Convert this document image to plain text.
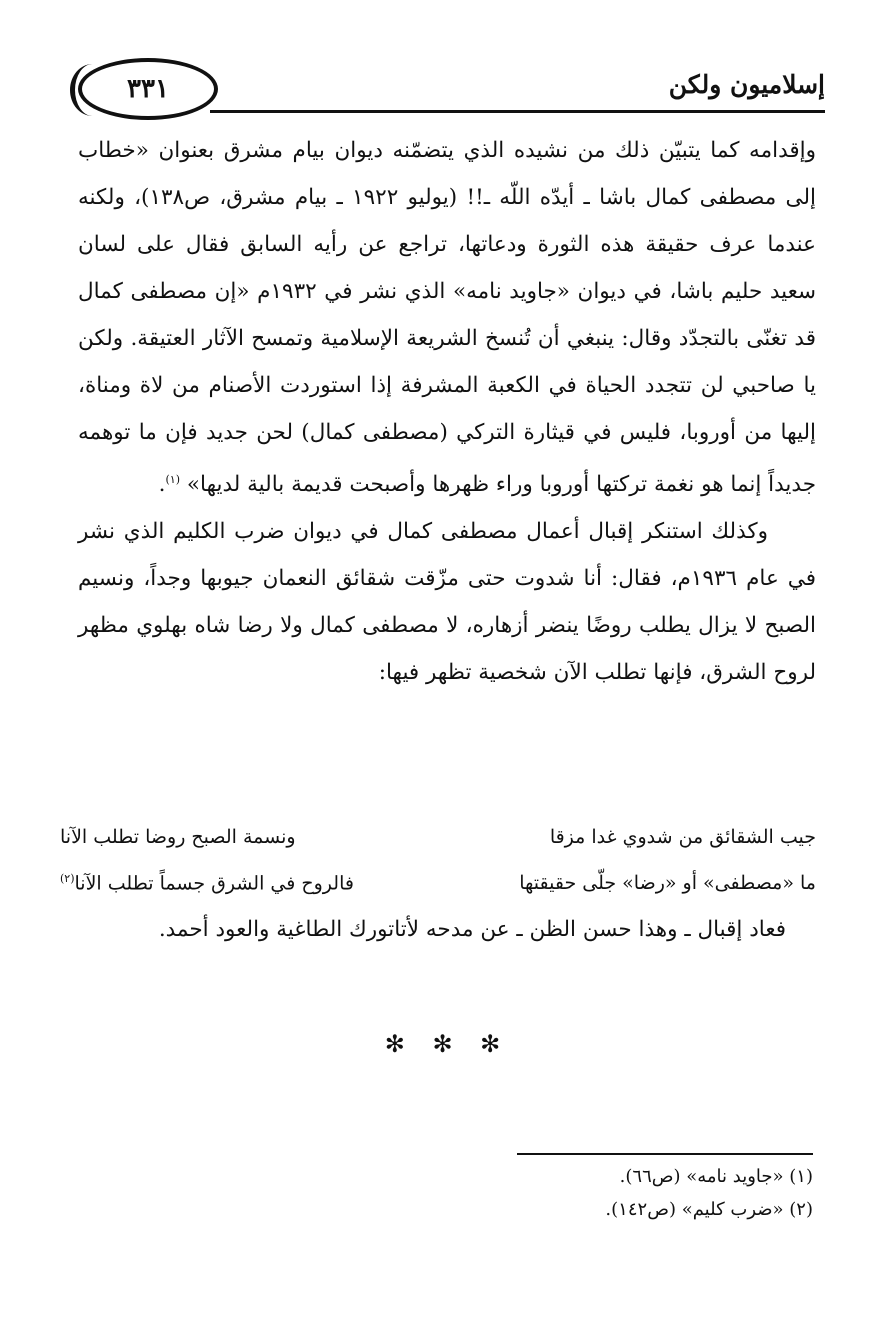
٣٣١	إسلاميون ولكن

وإقدامه كما يتبيّن ذلك من نشيده الذي يتضمّنه ديوان بيام مشرق بعنوان «خطاب إلى مصطفى كمال باشا ـ أيدّه اللّه ـ!! (يوليو ١٩٢٢ ـ بيام مشرق، ص١٣٨)، ولكنه عندما عرف حقيقة هذه الثورة ودعاتها، تراجع عن رأيه السابق فقال على لسان سعيد حليم باشا، في ديوان «جاويد نامه» الذي نشر في ١٩٣٢م «إن مصطفى كمال قد تغنّى بالتجدّد وقال: ينبغي أن تُنسخ الشريعة الإسلامية وتمسح الآثار العتيقة. ولكن يا صاحبي لن تتجدد الحياة في الكعبة المشرفة إذا استوردت الأصنام من لاة ومناة، إليها من أوروبا، فليس في قيثارة التركي (مصطفى كمال) لحن جديد فإن ما توهمه جديداً إنما هو نغمة تركتها أوروبا وراء ظهرها وأصبحت قديمة بالية لديها» $^{(١)}$.

وكذلك استنكر إقبال أعمال مصطفى كمال في ديوان ضرب الكليم الذي نشر في عام ١٩٣٦م، فقال: أنا شدوت حتى مزّقت شقائق النعمان جيوبها وجداً، ونسيم الصبح لا يزال يطلب روضًا ينضر أزهاره، لا مصطفى كمال ولا رضا شاه بهلوي مظهر لروح الشرق، فإنها تطلب الآن شخصية تظهر فيها:

جيب الشقائق من شدوي غدا مزقا
ونسمة الصبح روضا تطلب الآنا
ما «مصطفى» أو «رضا» جلّى حقيقتها
فالروح في الشرق جسماً تطلب الآنا$^{(٢)}$

فعاد إقبال ـ وهذا حسن الظن ـ عن مدحه لأتاتورك الطاغية والعود أحمد.

✻ ✻ ✻
(١) «جاويد نامه» (ص٦٦).
(٢) «ضرب كليم» (ص١٤٢).
